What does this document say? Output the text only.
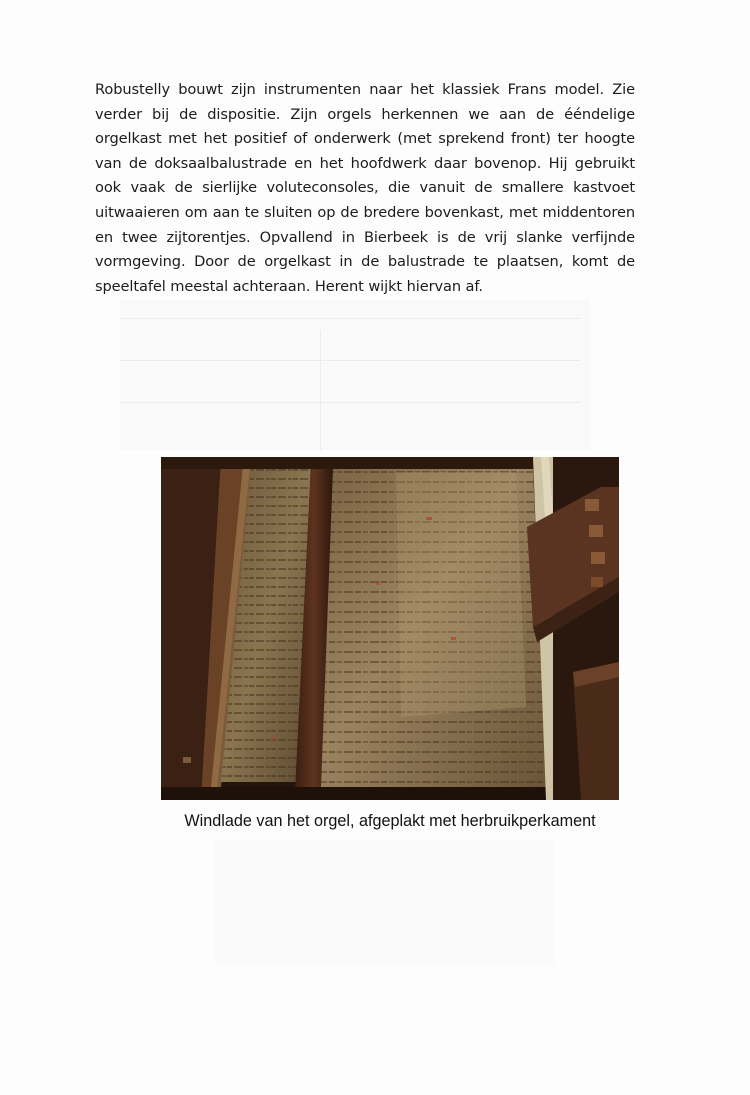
Robustelly bouwt zijn instrumenten naar het klassiek Frans model. Zie verder bij de dispositie. Zijn orgels herkennen we aan de ééndelige orgelkast met het positief of onderwerk (met sprekend front) ter hoogte van de doksaalbalustrade en het hoofdwerk daar bovenop. Hij gebruikt ook vaak de sierlijke voluteconsoles, die vanuit de smallere kastvoet uitwaaieren om aan te sluiten op de bredere bovenkast, met middentoren en twee zijtorentjes. Opvallend in Bierbeek is de vrij slanke verfijnde vormgeving. Door de orgelkast in de balustrade te plaatsen, komt de speeltafel meestal achteraan. Herent wijkt hiervan af.

Windlade van het orgel, afgeplakt met herbruikperkament
